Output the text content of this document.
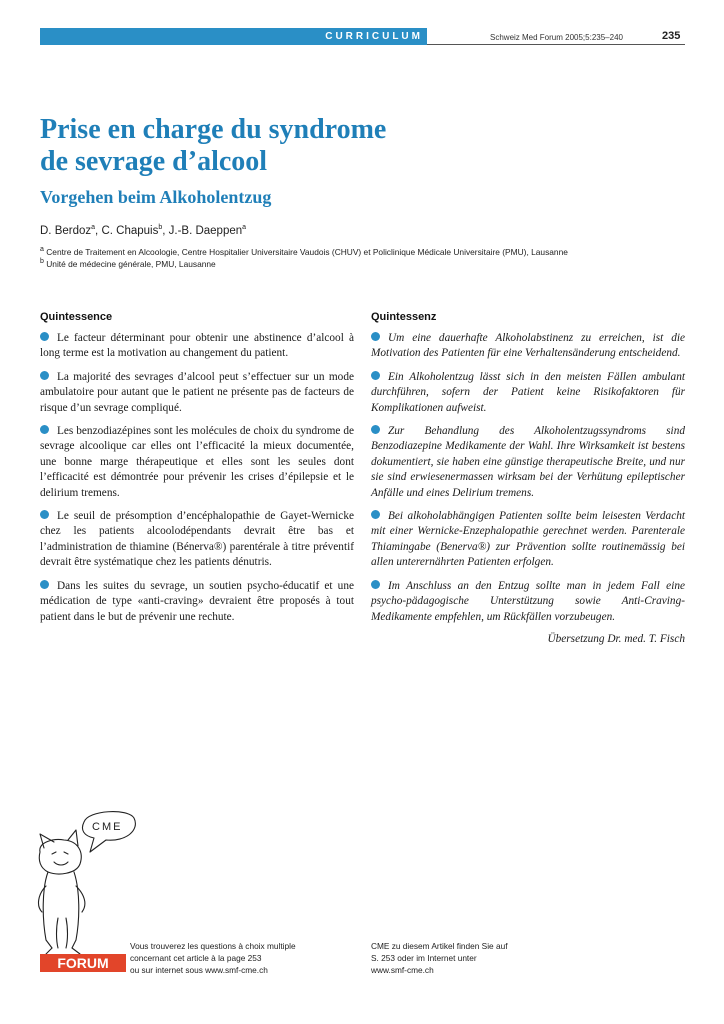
CURRICULUM	Schweiz Med Forum 2005;5:235–240	235
Prise en charge du syndrome
de sevrage d’alcool
Vorgehen beim Alkoholentzug
D. Berdoz$^a$, C. Chapuis$^b$, J.-B. Daeppen$^a$
$^a$ Centre de Traitement en Alcoologie, Centre Hospitalier Universitaire Vaudois (CHUV) et Policlinique Médicale Universitaire (PMU), Lausanne
$^b$ Unité de médecine générale, PMU, Lausanne
Quintessence
Le facteur déterminant pour obtenir une abstinence d’alcool à long terme est la motivation au changement du patient.
La majorité des sevrages d’alcool peut s’effectuer sur un mode ambulatoire pour autant que le patient ne présente pas de facteurs de risque d’un sevrage compliqué.
Les benzodiazépines sont les molécules de choix du syndrome de sevrage alcoolique car elles ont l’efficacité la mieux documentée, une bonne marge thérapeutique et elles sont les seules dont l’efficacité est démontrée pour prévenir les crises d’épilepsie et le delirium tremens.
Le seuil de présomption d’encéphalopathie de Gayet-Wernicke chez les patients alcoolodépendants devrait être bas et l’administration de thiamine (Bénerva®) parentérale à titre préventif devrait être systématique chez les patients dénutris.
Dans les suites du sevrage, un soutien psycho-éducatif et une médication de type «anti-craving» devraient être proposés à tout patient dans le but de prévenir une rechute.
Quintessenz
Um eine dauerhafte Alkoholabstinenz zu erreichen, ist die Motivation des Patienten für eine Verhaltensänderung entscheidend.
Ein Alkoholentzug lässt sich in den meisten Fällen ambulant durchführen, sofern der Patient keine Risikofaktoren für Komplikationen aufweist.
Zur Behandlung des Alkoholentzugssyndroms sind Benzodiazepine Medikamente der Wahl. Ihre Wirksamkeit ist bestens dokumentiert, sie haben eine günstige therapeutische Breite, und nur sie sind erwiesenermassen wirksam bei der Verhütung epileptischer Anfälle und eines Delirium tremens.
Bei alkoholabhängigen Patienten sollte beim leisesten Verdacht mit einer Wernicke-Enzephalopathie gerechnet werden. Parenterale Thiamingabe (Benerva®) zur Prävention sollte routinemässig bei allen unterernährten Patienten erfolgen.
Im Anschluss an den Entzug sollte man in jedem Fall eine psycho-pädagogische Unterstützung sowie Anti-Craving-Medikamente empfehlen, um Rückfällen vorzubeugen.
Übersetzung Dr. med. T. Fisch
CME
FORUM
Vous trouverez les questions à choix multiple
concernant cet article à la page 253
ou sur internet sous www.smf-cme.ch
CME zu diesem Artikel finden Sie auf
S. 253 oder im Internet unter
www.smf-cme.ch
